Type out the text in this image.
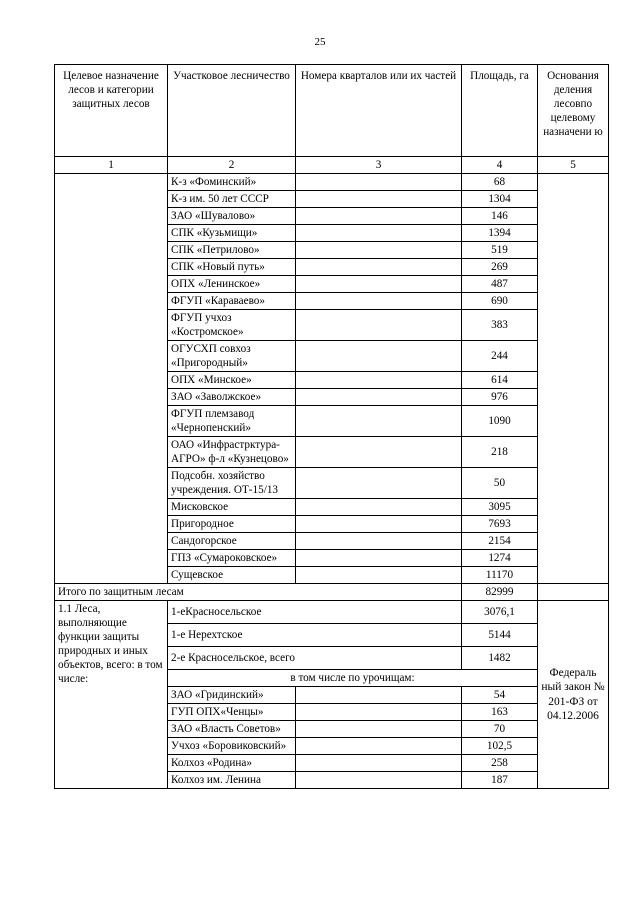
25
Целевое назначение лесов и категории защитных лесов	Участковое лесничество	Номера кварталов или их частей	Площадь, га	Основания деления лесовпо целевому назначени ю
1	2	3	4	5
	К-з «Фоминский»		68	
	К-з им. 50 лет СССР		1304	
	ЗАО «Шувалово»		146	
	СПК «Кузьмищи»		1394	
	СПК «Петрилово»		519	
	СПК «Новый путь»		269	
	ОПХ «Ленинское»		487	
	ФГУП «Караваево»		690	
	ФГУП учхоз «Костромское»		383	
	ОГУСХП совхоз «Пригородный»		244	
	ОПХ «Минское»		614	
	ЗАО «Заволжское»		976	
	ФГУП племзавод «Чернопенский»		1090	
	ОАО «Инфрастрктура-АГРО» ф-л «Кузнецово»		218	
	Подсобн. хозяйство учреждения. ОТ-15/13		50	
	Мисковское		3095	
	Пригородное		7693	
	Сандогорское		2154	
	ГПЗ «Сумароковское»		1274	
	Сущевское		11170	
Итого по защитным лесам			82999	
1.1 Леса, выполняющие функции защиты природных и иных объектов, всего: в том числе:	1-еКрасносельское		3076,1	Федераль ный закон № 201-ФЗ от 04.12.2006
	1-е Нерехтское		5144	
	2-е Красносельское, всего		1482	
	в том числе по урочищам:			
	ЗАО «Гридинский»		54	
	ГУП ОПХ«Ченцы»		163	
	ЗАО «Власть Советов»		70	
	Учхоз «Боровиковский»		102,5	
	Колхоз «Родина»		258	
	Колхоз им. Ленина		187	
